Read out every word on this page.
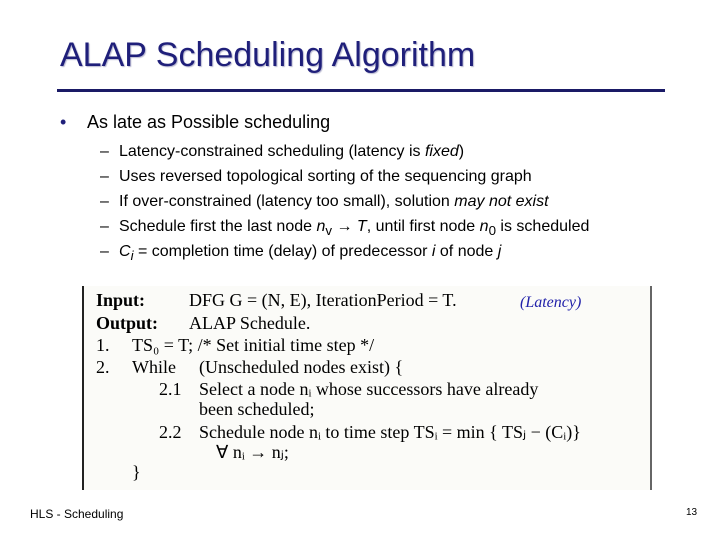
ALAP Scheduling Algorithm
• As late as Possible scheduling
– Latency-constrained scheduling (latency is fixed)
– Uses reversed topological sorting of the sequencing graph
– If over-constrained (latency too small), solution may not exist
– Schedule first the last node $n_v \to T$, until first node $n_0$ is scheduled
– $C_i$ = completion time (delay) of predecessor i of node j
Input: DFG G = (N, E), IterationPeriod = T.	(Latency)
Output: ALAP Schedule.
1. TS₀ = T; /* Set initial time step */
2. While (Unscheduled nodes exist) {
2.1 Select a node nᵢ whose successors have already
been scheduled;
2.2 Schedule node nᵢ to time step TSᵢ = min { TSⱼ − (Cᵢ)}
∀ nᵢ → nⱼ;
}
HLS - Scheduling	13
